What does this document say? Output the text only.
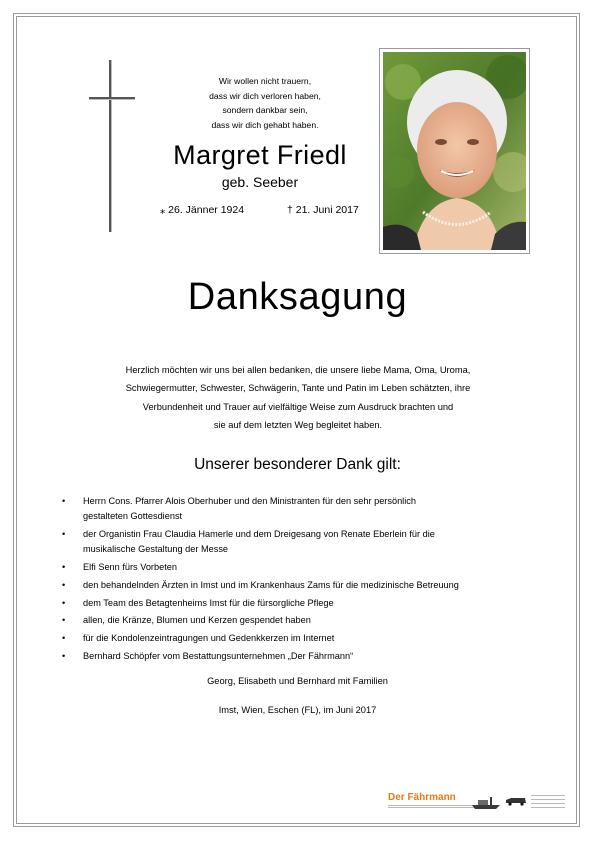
Wir wollen nicht trauern,
dass wir dich verloren haben,
sondern dankbar sein,
dass wir dich gehabt haben.
Margret Friedl
geb. Seeber
⁎ 26. Jänner 1924	† 21. Juni 2017
Danksagung
Herzlich möchten wir uns bei allen bedanken, die unsere liebe Mama, Oma, Uroma,
Schwiegermutter, Schwester, Schwägerin, Tante und Patin im Leben schätzten, ihre
Verbundenheit und Trauer auf vielfältige Weise zum Ausdruck brachten und
sie auf dem letzten Weg begleitet haben.
Unserer besonderer Dank gilt:
• Herrn Cons. Pfarrer Alois Oberhuber und den Ministranten für den sehr persönlich
gestalteten Gottesdienst
• der Organistin Frau Claudia Hamerle und dem Dreigesang von Renate Eberlein für die
musikalische Gestaltung der Messe
• Elfi Senn fürs Vorbeten
• den behandelnden Ärzten in Imst und im Krankenhaus Zams für die medizinische Betreuung
• dem Team des Betagtenheims Imst für die fürsorgliche Pflege
• allen, die Kränze, Blumen und Kerzen gespendet haben
• für die Kondolenzeintragungen und Gedenkkerzen im Internet
• Bernhard Schöpfer vom Bestattungsunternehmen „Der Fährmann“
Georg, Elisabeth und Bernhard mit Familien
Imst, Wien, Eschen (FL), im Juni 2017
Der Fährmann
